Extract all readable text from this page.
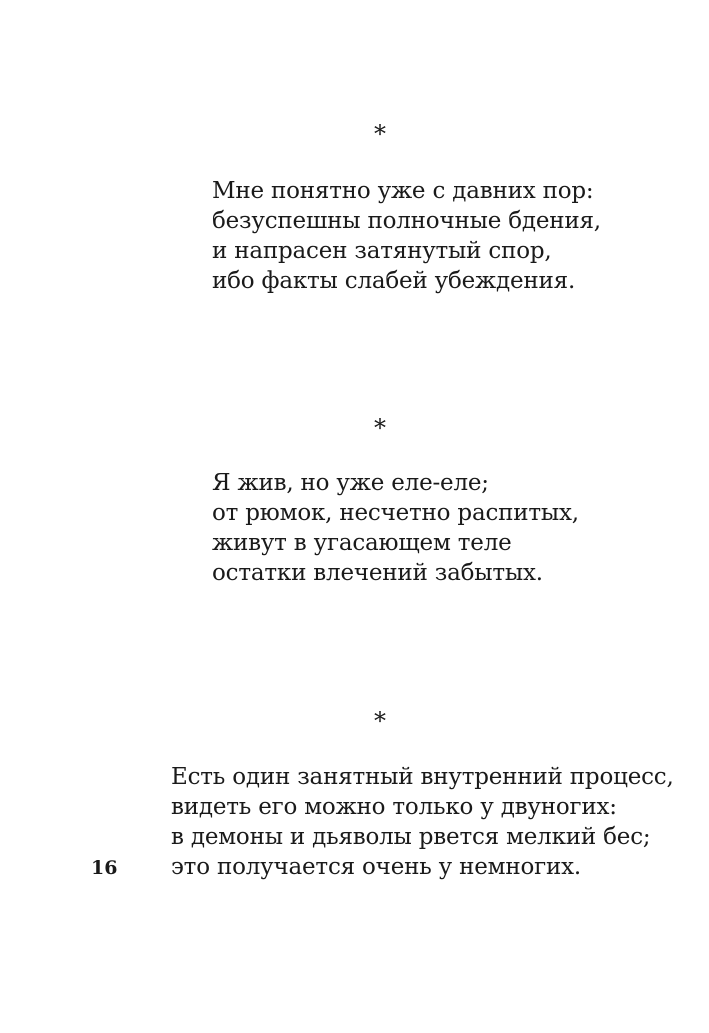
*
Мне понятно уже с давних пор:
безуспешны полночные бдения,
и напрасен затянутый спор,
ибо факты слабей убеждения.
*
Я жив, но уже еле-еле;
от рюмок, несчетно распитых,
живут в угасающем теле
остатки влечений забытых.
*
Есть один занятный внутренний процесс,
видеть его можно только у двуногих:
в демоны и дьяволы рвется мелкий бес;
это получается очень у немногих.
16
